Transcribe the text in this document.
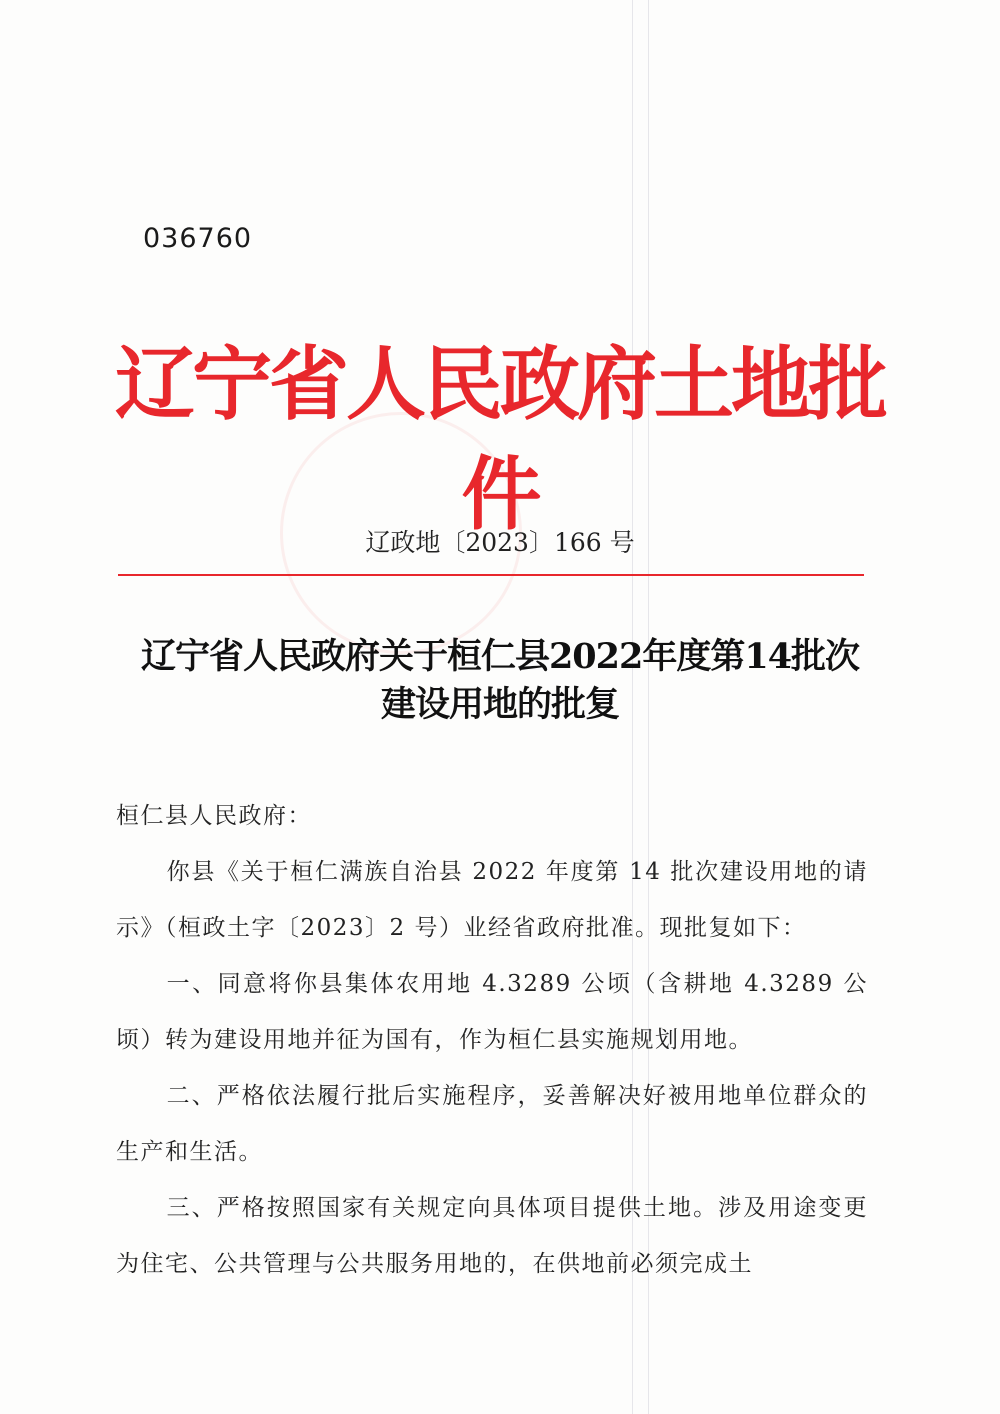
036760
辽宁省人民政府土地批件
辽政地〔2023〕166 号
辽宁省人民政府关于桓仁县2022年度第14批次
建设用地的批复

桓仁县人民政府：

你县《关于桓仁满族自治县 2022 年度第 14 批次建设用地的请示》（桓政土字〔2023〕2 号）业经省政府批准。现批复如下：

一、同意将你县集体农用地 4.3289 公顷（含耕地 4.3289 公顷）转为建设用地并征为国有，作为桓仁县实施规划用地。

二、严格依法履行批后实施程序，妥善解决好被用地单位群众的生产和生活。

三、严格按照国家有关规定向具体项目提供土地。涉及用途变更为住宅、公共管理与公共服务用地的，在供地前必须完成土
